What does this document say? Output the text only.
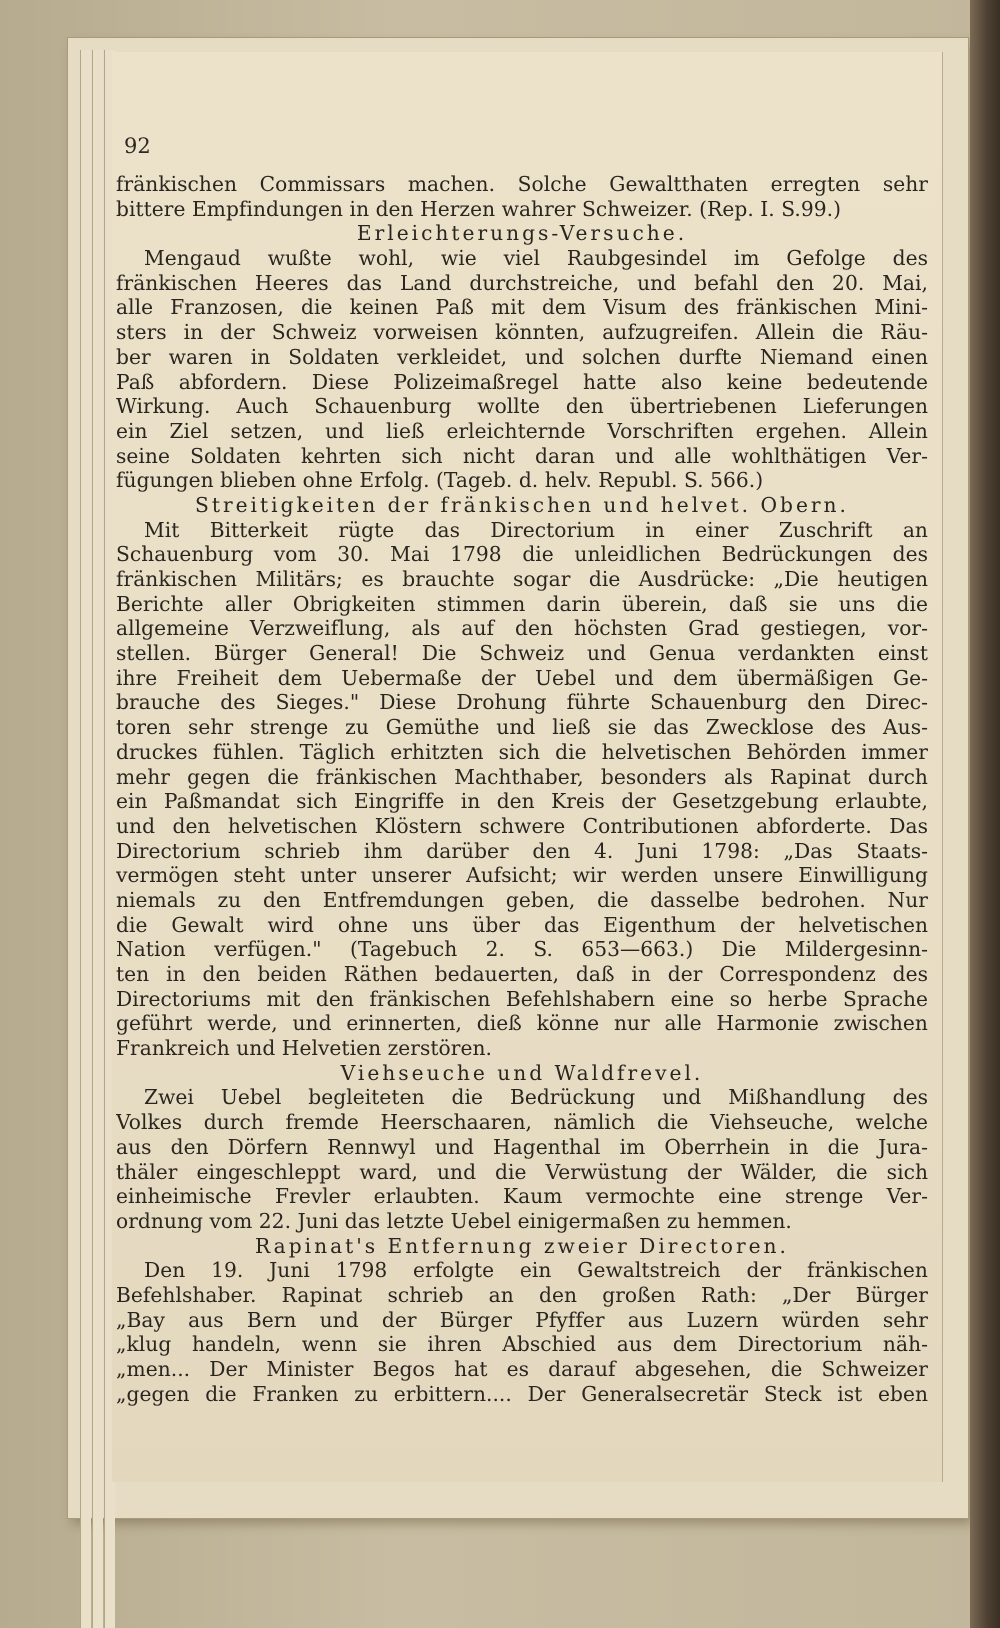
92
fränkischen Commissars machen. Solche Gewaltthaten erregten sehr
bittere Empfindungen in den Herzen wahrer Schweizer. (Rep. I. S.99.)
Erleichterungs-Versuche.
Mengaud wußte wohl, wie viel Raubgesindel im Gefolge des
fränkischen Heeres das Land durchstreiche, und befahl den 20. Mai,
alle Franzosen, die keinen Paß mit dem Visum des fränkischen Mini-
sters in der Schweiz vorweisen könnten, aufzugreifen. Allein die Räu-
ber waren in Soldaten verkleidet, und solchen durfte Niemand einen
Paß abfordern. Diese Polizeimaßregel hatte also keine bedeutende
Wirkung. Auch Schauenburg wollte den übertriebenen Lieferungen
ein Ziel setzen, und ließ erleichternde Vorschriften ergehen. Allein
seine Soldaten kehrten sich nicht daran und alle wohlthätigen Ver-
fügungen blieben ohne Erfolg. (Tageb. d. helv. Republ. S. 566.)
Streitigkeiten der fränkischen und helvet. Obern.
Mit Bitterkeit rügte das Directorium in einer Zuschrift an
Schauenburg vom 30. Mai 1798 die unleidlichen Bedrückungen des
fränkischen Militärs; es brauchte sogar die Ausdrücke: „Die heutigen
Berichte aller Obrigkeiten stimmen darin überein, daß sie uns die
allgemeine Verzweiflung, als auf den höchsten Grad gestiegen, vor-
stellen. Bürger General! Die Schweiz und Genua verdankten einst
ihre Freiheit dem Uebermaße der Uebel und dem übermäßigen Ge-
brauche des Sieges." Diese Drohung führte Schauenburg den Direc-
toren sehr strenge zu Gemüthe und ließ sie das Zwecklose des Aus-
druckes fühlen. Täglich erhitzten sich die helvetischen Behörden immer
mehr gegen die fränkischen Machthaber, besonders als Rapinat durch
ein Paßmandat sich Eingriffe in den Kreis der Gesetzgebung erlaubte,
und den helvetischen Klöstern schwere Contributionen abforderte. Das
Directorium schrieb ihm darüber den 4. Juni 1798: „Das Staats-
vermögen steht unter unserer Aufsicht; wir werden unsere Einwilligung
niemals zu den Entfremdungen geben, die dasselbe bedrohen. Nur
die Gewalt wird ohne uns über das Eigenthum der helvetischen
Nation verfügen." (Tagebuch 2. S. 653—663.) Die Mildergesinn-
ten in den beiden Räthen bedauerten, daß in der Correspondenz des
Directoriums mit den fränkischen Befehlshabern eine so herbe Sprache
geführt werde, und erinnerten, dieß könne nur alle Harmonie zwischen
Frankreich und Helvetien zerstören.
Viehseuche und Waldfrevel.
Zwei Uebel begleiteten die Bedrückung und Mißhandlung des
Volkes durch fremde Heerschaaren, nämlich die Viehseuche, welche
aus den Dörfern Rennwyl und Hagenthal im Oberrhein in die Jura-
thäler eingeschleppt ward, und die Verwüstung der Wälder, die sich
einheimische Frevler erlaubten. Kaum vermochte eine strenge Ver-
ordnung vom 22. Juni das letzte Uebel einigermaßen zu hemmen.
Rapinat's Entfernung zweier Directoren.
Den 19. Juni 1798 erfolgte ein Gewaltstreich der fränkischen
Befehlshaber. Rapinat schrieb an den großen Rath: „Der Bürger
„Bay aus Bern und der Bürger Pfyffer aus Luzern würden sehr
„klug handeln, wenn sie ihren Abschied aus dem Directorium näh-
„men... Der Minister Begos hat es darauf abgesehen, die Schweizer
„gegen die Franken zu erbittern.... Der Generalsecretär Steck ist eben
